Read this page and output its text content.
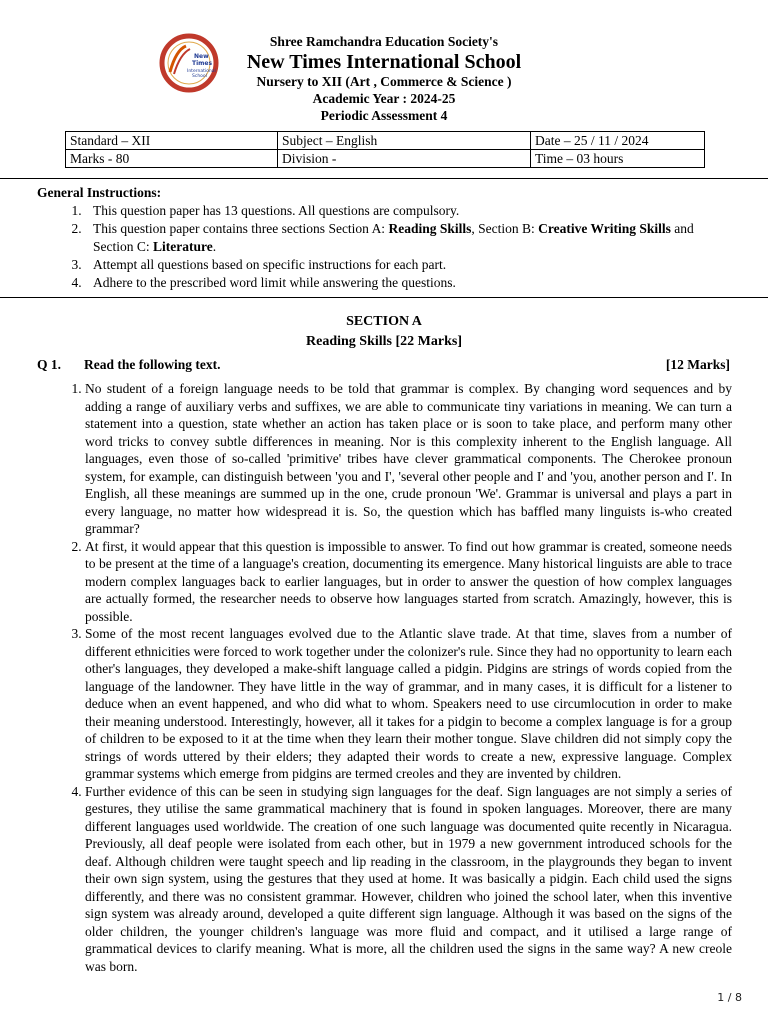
New
Times
International
School
Shree Ramchandra Education Society's
New Times International School
Nursery to XII (Art , Commerce & Science )
Academic Year : 2024-25
Periodic Assessment 4
Standard – XII	Subject – English	Date – 25 / 11 / 2024
Marks - 80	Division -	Time – 03 hours
General Instructions:
1. This question paper has 13 questions. All questions are compulsory.
2. This question paper contains three sections Section A: Reading Skills, Section B: Creative Writing Skills and Section C: Literature.
3. Attempt all questions based on specific instructions for each part.
4. Adhere to the prescribed word limit while answering the questions.
SECTION A
Reading Skills [22 Marks]
Q 1. Read the following text.	[12 Marks]
1. No student of a foreign language needs to be told that grammar is complex. By changing word sequences and by adding a range of auxiliary verbs and suffixes, we are able to communicate tiny variations in meaning. We can turn a statement into a question, state whether an action has taken place or is soon to take place, and perform many other word tricks to convey subtle differences in meaning. Nor is this complexity inherent to the English language. All languages, even those of so-called 'primitive' tribes have clever grammatical components. The Cherokee pronoun system, for example, can distinguish between 'you and I', 'several other people and I' and 'you, another person and I'. In English, all these meanings are summed up in the one, crude pronoun 'We'. Grammar is universal and plays a part in every language, no matter how widespread it is. So, the question which has baffled many linguists is-who created grammar?
2. At first, it would appear that this question is impossible to answer. To find out how grammar is created, someone needs to be present at the time of a language's creation, documenting its emergence. Many historical linguists are able to trace modern complex languages back to earlier languages, but in order to answer the question of how complex languages are actually formed, the researcher needs to observe how languages started from scratch. Amazingly, however, this is possible.
3. Some of the most recent languages evolved due to the Atlantic slave trade. At that time, slaves from a number of different ethnicities were forced to work together under the colonizer's rule. Since they had no opportunity to learn each other's languages, they developed a make-shift language called a pidgin. Pidgins are strings of words copied from the language of the landowner. They have little in the way of grammar, and in many cases, it is difficult for a listener to deduce when an event happened, and who did what to whom. Speakers need to use circumlocution in order to make their meaning understood. Interestingly, however, all it takes for a pidgin to become a complex language is for a group of children to be exposed to it at the time when they learn their mother tongue. Slave children did not simply copy the strings of words uttered by their elders; they adapted their words to create a new, expressive language. Complex grammar systems which emerge from pidgins are termed creoles and they are invented by children.
4. Further evidence of this can be seen in studying sign languages for the deaf. Sign languages are not simply a series of gestures, they utilise the same grammatical machinery that is found in spoken languages. Moreover, there are many different languages used worldwide. The creation of one such language was documented quite recently in Nicaragua. Previously, all deaf people were isolated from each other, but in 1979 a new government introduced schools for the deaf. Although children were taught speech and lip reading in the classroom, in the playgrounds they began to invent their own sign system, using the gestures that they used at home. It was basically a pidgin. Each child used the signs differently, and there was no consistent grammar. However, children who joined the school later, when this inventive sign system was already around, developed a quite different sign language. Although it was based on the signs of the older children, the younger children's language was more fluid and compact, and it utilised a large range of grammatical devices to clarify meaning. What is more, all the children used the signs in the same way? A new creole was born.
1 / 8
